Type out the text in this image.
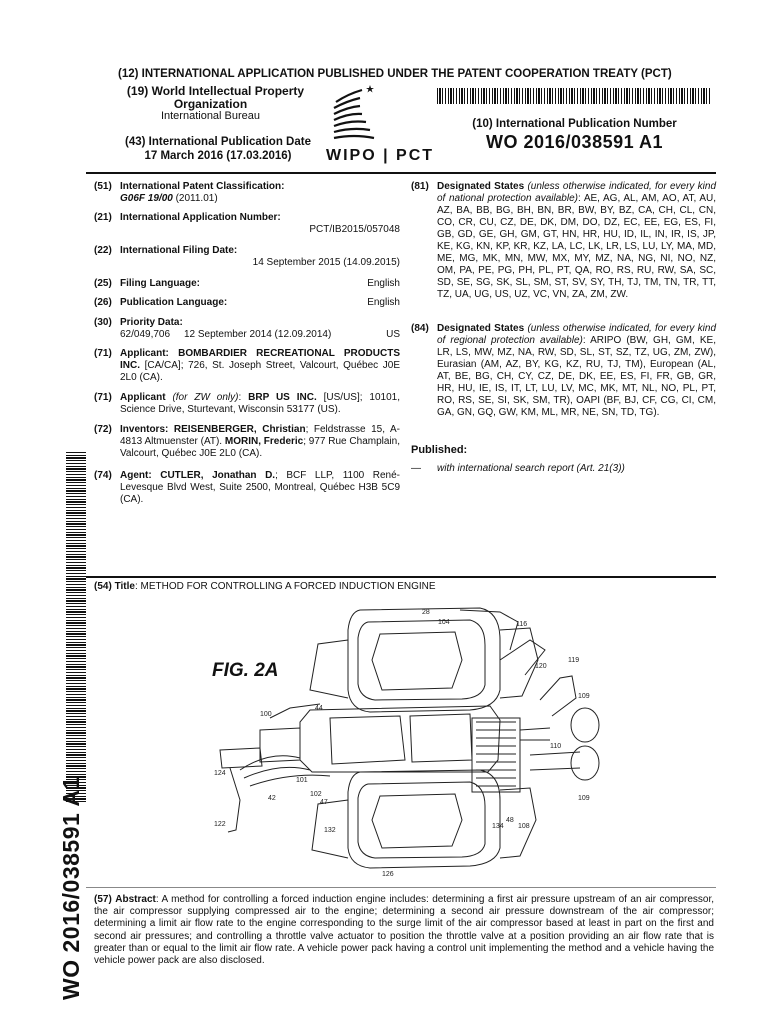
(12) INTERNATIONAL APPLICATION PUBLISHED UNDER THE PATENT COOPERATION TREATY (PCT)
(19) World Intellectual Property
Organization
International Bureau
(43) International Publication Date
17 March 2016 (17.03.2016)	WIPO | PCT
(10) International Publication Number
WO 2016/038591 A1
(51) International Patent Classification:
G06F 19/00 (2011.01)
(21) International Application Number:
PCT/IB2015/057048
(22) International Filing Date:
14 September 2015 (14.09.2015)
(25) Filing Language:	English
(26) Publication Language:	English
(30) Priority Data:
62/049,706     12 September 2014 (12.09.2014)	US
(71) Applicant: BOMBARDIER RECREATIONAL PRODUCTS INC. [CA/CA]; 726, St. Joseph Street, Valcourt, Québec J0E 2L0 (CA).
(71) Applicant (for ZW only): BRP US INC. [US/US]; 10101, Science Drive, Sturtevant, Wisconsin 53177 (US).
(72) Inventors: REISENBERGER, Christian; Feldstrasse 15, A-4813 Altmuenster (AT). MORIN, Frederic; 977 Rue Champlain, Valcourt, Québec J0E 2L0 (CA).
(74) Agent: CUTLER, Jonathan D.; BCF LLP, 1100 René-Levesque Blvd West, Suite 2500, Montreal, Québec H3B 5C9 (CA).
(81) Designated States (unless otherwise indicated, for every kind of national protection available): AE, AG, AL, AM, AO, AT, AU, AZ, BA, BB, BG, BH, BN, BR, BW, BY, BZ, CA, CH, CL, CN, CO, CR, CU, CZ, DE, DK, DM, DO, DZ, EC, EE, EG, ES, FI, GB, GD, GE, GH, GM, GT, HN, HR, HU, ID, IL, IN, IR, IS, JP, KE, KG, KN, KP, KR, KZ, LA, LC, LK, LR, LS, LU, LY, MA, MD, ME, MG, MK, MN, MW, MX, MY, MZ, NA, NG, NI, NO, NZ, OM, PA, PE, PG, PH, PL, PT, QA, RO, RS, RU, RW, SA, SC, SD, SE, SG, SK, SL, SM, ST, SV, SY, TH, TJ, TM, TN, TR, TT, TZ, UA, UG, US, UZ, VC, VN, ZA, ZM, ZW.
(84) Designated States (unless otherwise indicated, for every kind of regional protection available): ARIPO (BW, GH, GM, KE, LR, LS, MW, MZ, NA, RW, SD, SL, ST, SZ, TZ, UG, ZM, ZW), Eurasian (AM, AZ, BY, KG, KZ, RU, TJ, TM), European (AL, AT, BE, BG, CH, CY, CZ, DE, DK, EE, ES, FI, FR, GB, GR, HR, HU, IE, IS, IT, LT, LU, LV, MC, MK, MT, NL, NO, PL, PT, RO, RS, SE, SI, SK, SM, TR), OAPI (BF, BJ, CF, CG, CI, CM, GA, GN, GQ, GW, KM, ML, MR, NE, SN, TD, TG).
Published:
—	with international search report (Art. 21(3))
(54) Title: METHOD FOR CONTROLLING A FORCED INDUCTION ENGINE
FIG. 2A
28
104	116
120
119
109
100
44
110
124
101
42
102
47
109
122
132
134
48
108
126
(57) Abstract: A method for controlling a forced induction engine includes: determining a first air pressure upstream of an air compressor, the air compressor supplying compressed air to the engine; determining a second air pressure downstream of the air compressor; determining a limit air flow rate to the engine corresponding to the surge limit of the air compressor based at least in part on the first and second air pressures; and controlling a throttle valve actuator to position the throttle valve at a position providing an air flow rate that is greater than or equal to the limit air flow rate. A vehicle power pack having a control unit implementing the method and a vehicle having the vehicle power pack are also disclosed.
WO 2016/038591 A1
